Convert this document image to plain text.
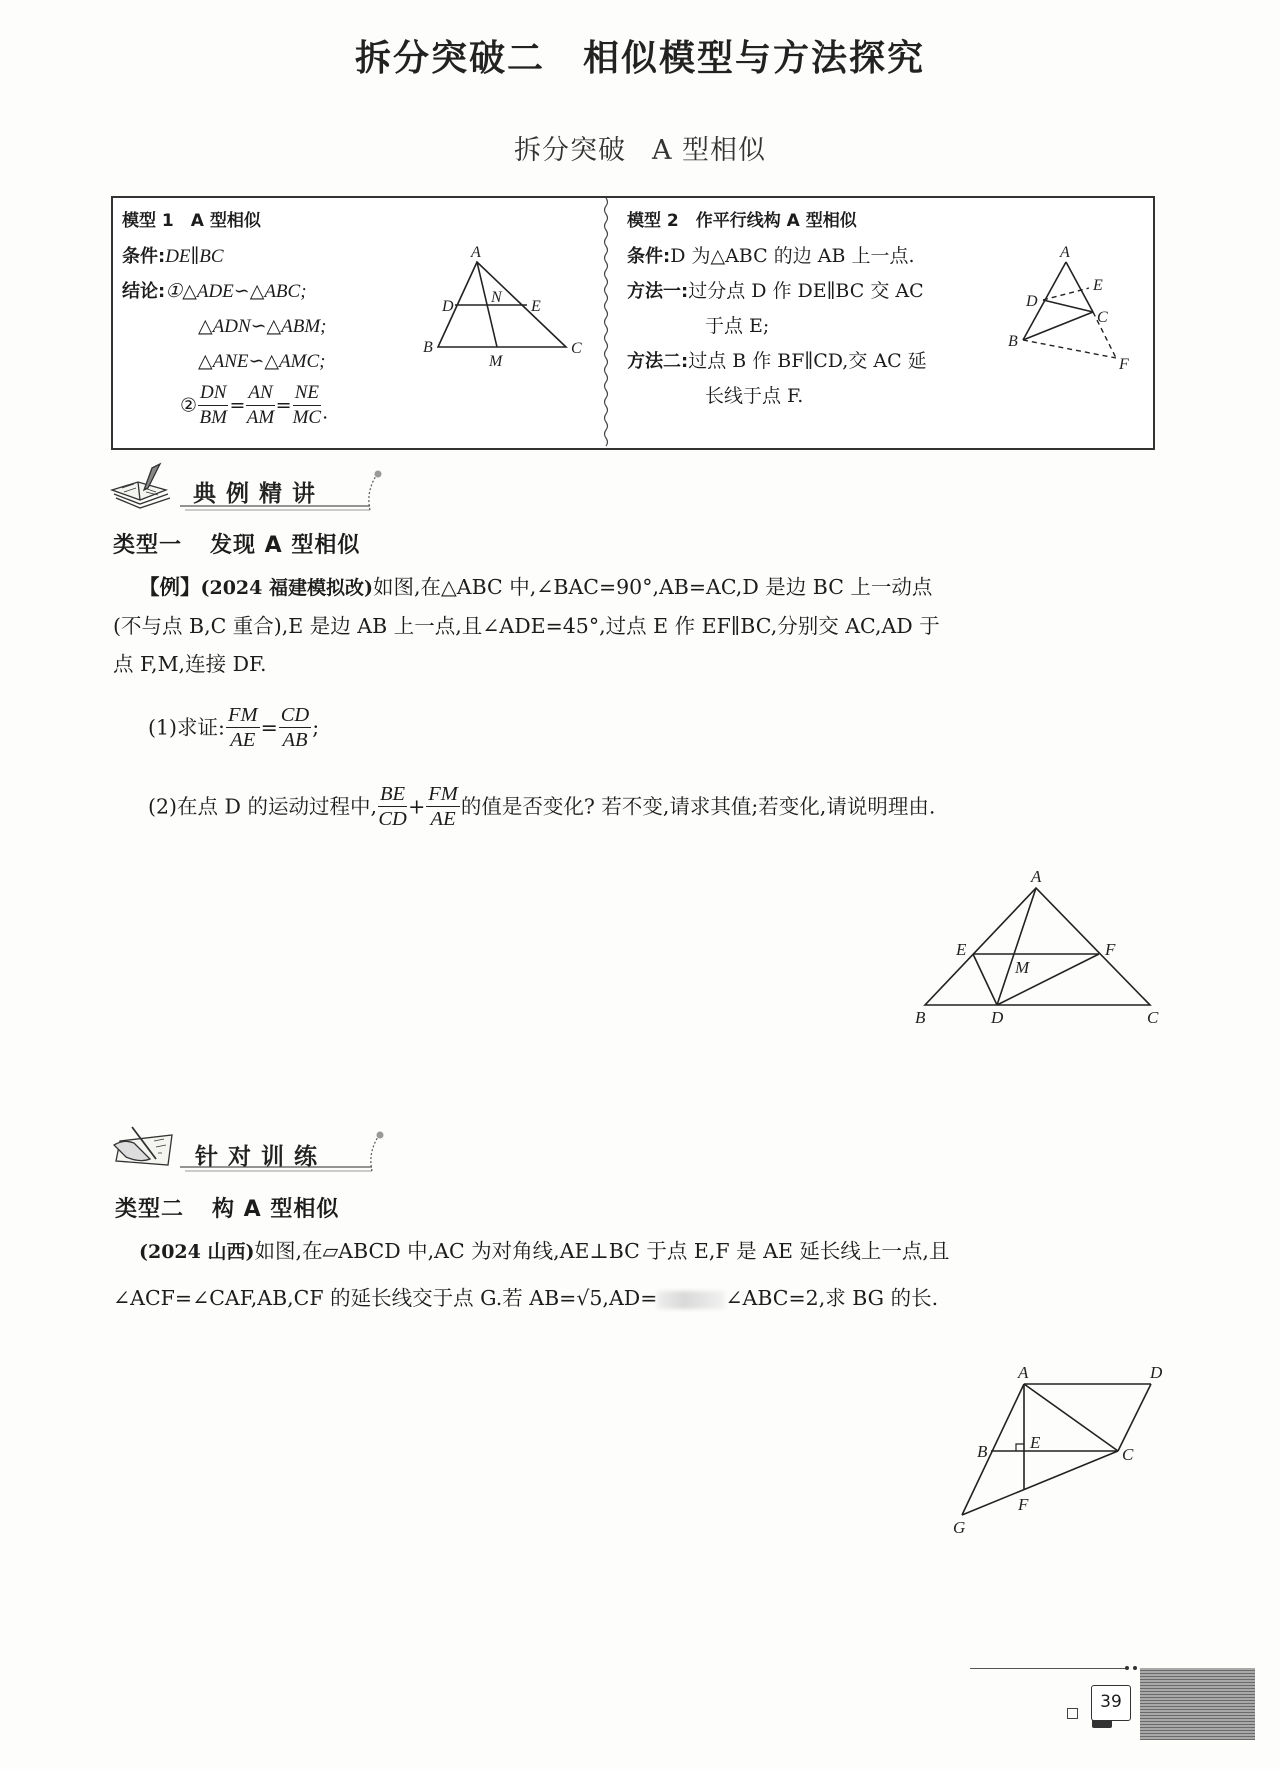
拆分突破二 相似模型与方法探究
拆分突破 A 型相似
模型 1　A 型相似
条件:DE∥BC
结论:①△ADE∽△ABC;
△ADN∽△ABM;
△ANE∽△AMC;
② $\frac{DN}{BM} = \frac{AN}{AM} = \frac{NE}{MC}$ .
A
D
N
E
B
M
C
模型 2　作平行线构 A 型相似
条件:D 为△ABC 的边 AB 上一点.
方法一:过分点 D 作 DE∥BC 交 AC
于点 E;
方法二:过点 B 作 BF∥CD,交 AC 延
长线于点 F.
A
E
D
C
B
F
典例精讲
类型一 发现 A 型相似
【例】(2024 福建模拟改)如图,在△ABC 中,∠BAC=90°,AB=AC,D 是边 BC 上一动点
(不与点 B,C 重合),E 是边 AB 上一点,且∠ADE=45°,过点 E 作 EF∥BC,分别交 AC,AD 于
点 F,M,连接 DF.
(1)求证: $\frac{FM}{AE} = \frac{CD}{AB}$ ;
(2)在点 D 的运动过程中, $\frac{BE}{CD} + \frac{FM}{AE}$ 的值是否变化? 若不变,请求其值;若变化,请说明理由.
A
E	F
M
B	D	C
针对训练
类型二 构 A 型相似
(2024 山西)如图,在▱ABCD 中,AC 为对角线,AE⊥BC 于点 E,F 是 AE 延长线上一点,且
∠ACF=∠CAF,AB,CF 的延长线交于点 G.若 AB=√5,AD=	∠ABC=2,求 BG 的长.
A	D
B	E
C
F
G
39
